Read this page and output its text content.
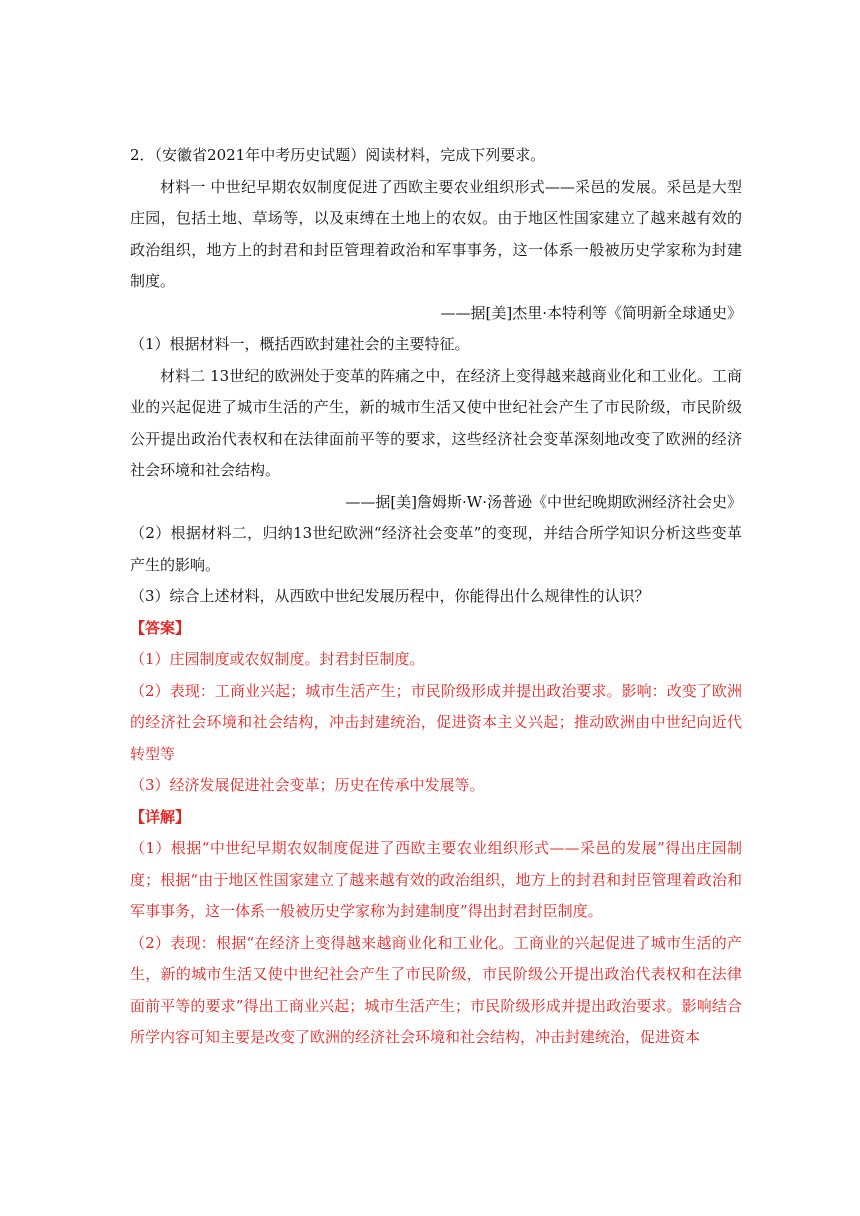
2．（安徽省2021年中考历史试题）阅读材料，完成下列要求。

材料一 中世纪早期农奴制度促进了西欧主要农业组织形式——采邑的发展。采邑是大型庄园，包括土地、草场等，以及束缚在土地上的农奴。由于地区性国家建立了越来越有效的政治组织，地方上的封君和封臣管理着政治和军事事务，这一体系一般被历史学家称为封建制度。

——据[美]杰里·本特利等《简明新全球通史》

（1）根据材料一，概括西欧封建社会的主要特征。

材料二 13世纪的欧洲处于变革的阵痛之中，在经济上变得越来越商业化和工业化。工商业的兴起促进了城市生活的产生，新的城市生活又使中世纪社会产生了市民阶级，市民阶级公开提出政治代表权和在法律面前平等的要求，这些经济社会变革深刻地改变了欧洲的经济社会环境和社会结构。

——据[美]詹姆斯·W·汤普逊《中世纪晚期欧洲经济社会史》

（2）根据材料二，归纳13世纪欧洲“经济社会变革”的变现，并结合所学知识分析这些变革产生的影响。

（3）综合上述材料，从西欧中世纪发展历程中，你能得出什么规律性的认识？

【答案】

（1）庄园制度或农奴制度。封君封臣制度。

（2）表现：工商业兴起；城市生活产生；市民阶级形成并提出政治要求。影响：改变了欧洲的经济社会环境和社会结构，冲击封建统治，促进资本主义兴起；推动欧洲由中世纪向近代转型等

（3）经济发展促进社会变革；历史在传承中发展等。

【详解】

（1）根据“中世纪早期农奴制度促进了西欧主要农业组织形式——采邑的发展”得出庄园制度；根据“由于地区性国家建立了越来越有效的政治组织，地方上的封君和封臣管理着政治和军事事务，这一体系一般被历史学家称为封建制度”得出封君封臣制度。

（2）表现：根据“在经济上变得越来越商业化和工业化。工商业的兴起促进了城市生活的产生，新的城市生活又使中世纪社会产生了市民阶级，市民阶级公开提出政治代表权和在法律面前平等的要求”得出工商业兴起；城市生活产生；市民阶级形成并提出政治要求。影响结合所学内容可知主要是改变了欧洲的经济社会环境和社会结构，冲击封建统治，促进资本
